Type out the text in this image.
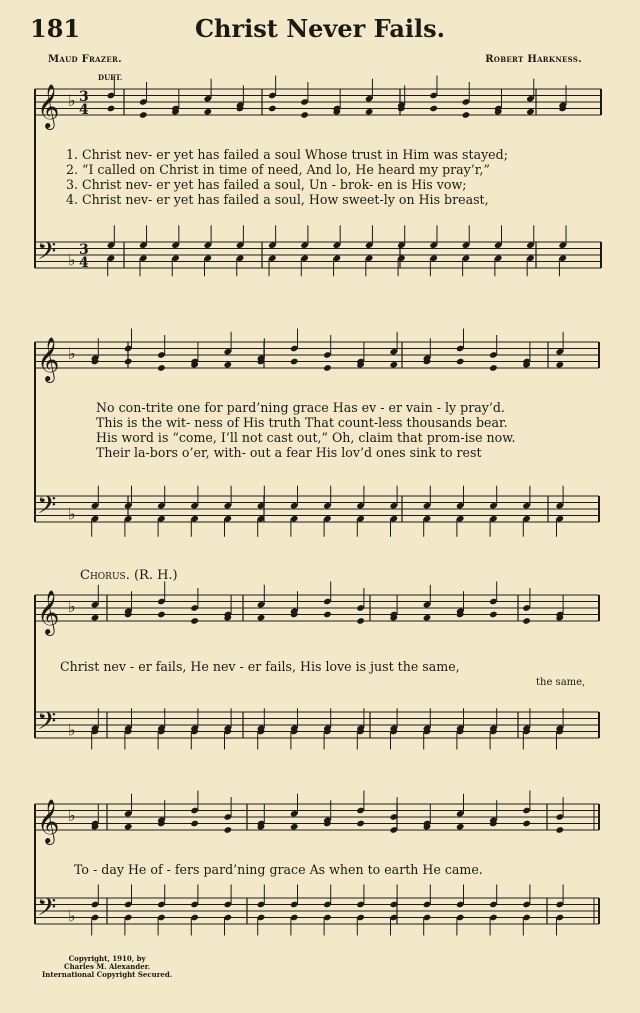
181	Christ Never Fails.
Maud Frazer.	Robert Harkness.
DUET.
𝄞 ♭ 3
4
𝄢 ♭
3
4
𝄞 ♭
𝄢 ♭
𝄞 ♭
𝄢 ♭
𝄞 ♭
𝄢 ♭
1. Christ nev- er yet has failed a soul Whose trust in Him was stayed;
2. “I called on Christ in time of need, And lo, He heard my pray’r,”
3. Christ nev- er yet has failed a soul, Un - brok- en is His vow;
4. Christ nev- er yet has failed a soul, How sweet-ly on His breast,
No con-trite one for pard’ning grace Has ev - er vain - ly pray’d.
This is the wit- ness of His truth That count-less thousands bear.
His word is “come, I’ll not cast out,” Oh, claim that prom-ise now.
Their la-bors o’er, with- out a fear His lov’d ones sink to rest
Chorus. (R. H.)
Christ nev - er fails, He nev - er fails, His love is just the same,
the same,
To - day He of - fers pard’ning grace As when to earth He came.
Copyright, 1910, by
Charles M. Alexander.
International Copyright Secured.
